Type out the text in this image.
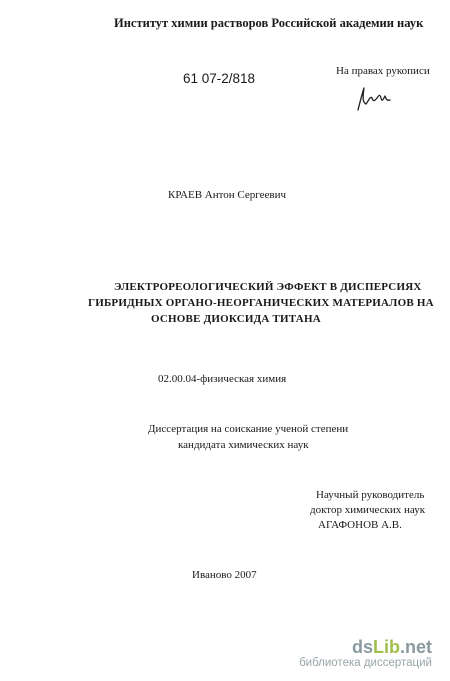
Институт химии растворов Российской академии наук
61 07-2/818	На правах рукописи
КРАЕВ Антон Сергеевич
ЭЛЕКТРОРЕОЛОГИЧЕСКИЙ ЭФФЕКТ В ДИСПЕРСИЯХ
ГИБРИДНЫХ ОРГАНО-НЕОРГАНИЧЕСКИХ МАТЕРИАЛОВ НА
ОСНОВЕ ДИОКСИДА ТИТАНА
02.00.04-физическая химия
Диссертация на соискание ученой степени
кандидата химических наук
Научный руководитель
доктор химических наук
АГАФОНОВ А.В.
Иваново 2007
dsLib.net
библиотека диссертаций
